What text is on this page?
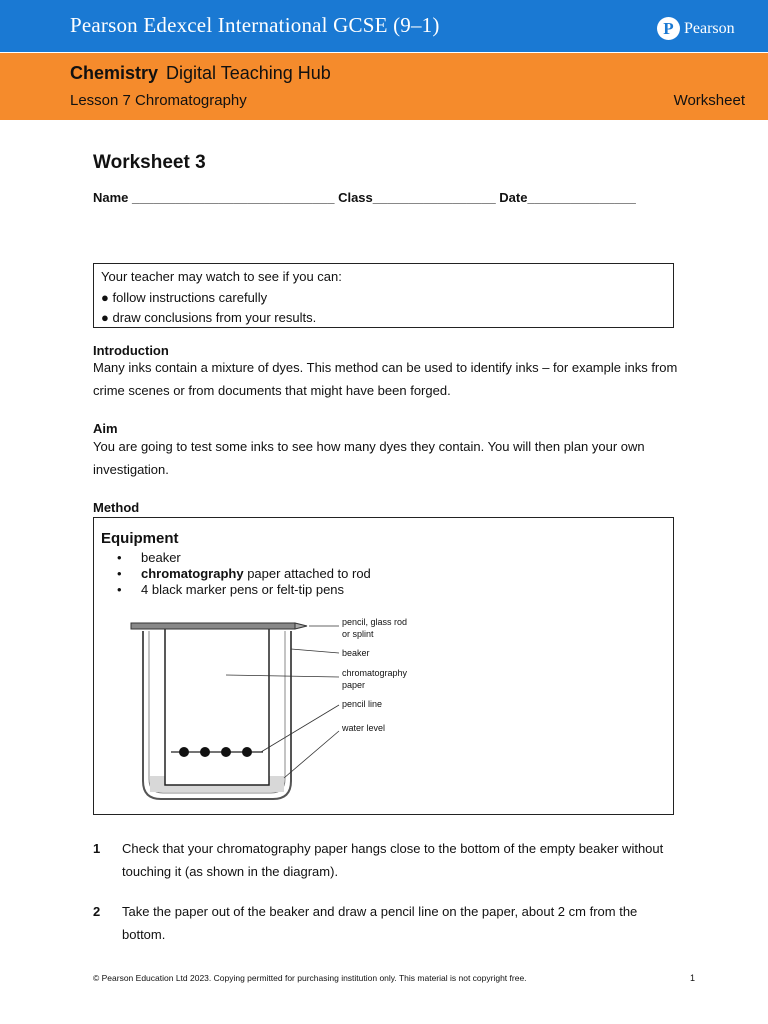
Pearson Edexcel International GCSE (9–1)	P Pearson
Chemistry Digital Teaching Hub
Lesson 7 Chromatography	Worksheet
Worksheet 3
Name ____________________________ Class_________________ Date_______________
Your teacher may watch to see if you can:
● follow instructions carefully
● draw conclusions from your results.
Introduction
Many inks contain a mixture of dyes. This method can be used to identify inks – for example inks from crime scenes or from documents that might have been forged.
Aim
You are going to test some inks to see how many dyes they contain. You will then plan your own investigation.
Method
Equipment
• beaker
• chromatography paper attached to rod
• 4 black marker pens or felt-tip pens
pencil, glass rod
or splint
beaker
chromatography
paper
pencil line
water level
1 Check that your chromatography paper hangs close to the bottom of the empty beaker without touching it (as shown in the diagram).
2 Take the paper out of the beaker and draw a pencil line on the paper, about 2 cm from the bottom.
© Pearson Education Ltd 2023. Copying permitted for purchasing institution only. This material is not copyright free.	1
